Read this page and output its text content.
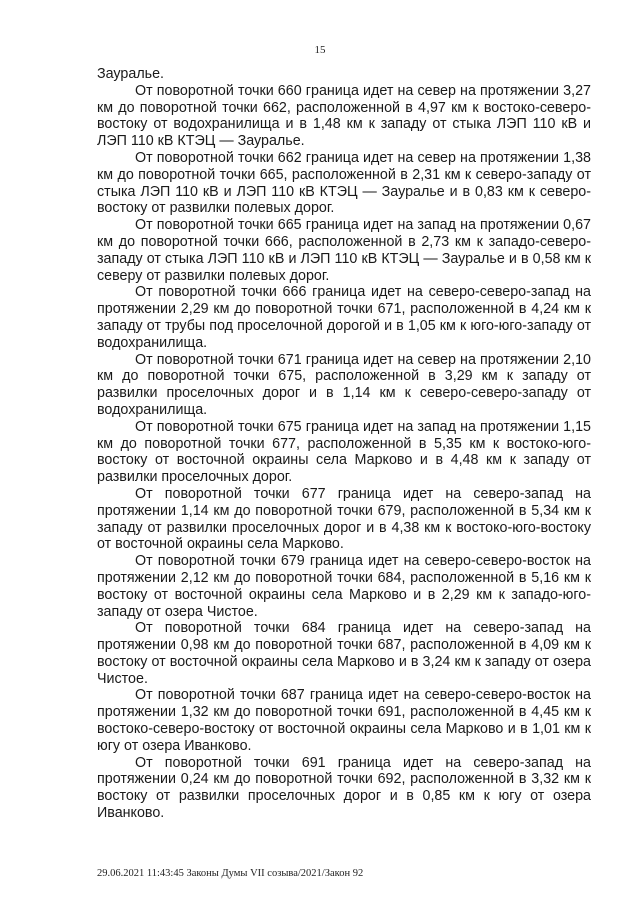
15

Зауралье.

От поворотной точки 660 граница идет на север на протяжении 3,27 км до поворотной точки 662, расположенной в 4,97 км к востоко-северо-востоку от водохранилища и в 1,48 км к западу от стыка ЛЭП 110 кВ и ЛЭП 110 кВ КТЭЦ — Зауралье.

От поворотной точки 662 граница идет на север на протяжении 1,38 км до поворотной точки 665, расположенной в 2,31 км к северо-западу от стыка ЛЭП 110 кВ и ЛЭП 110 кВ КТЭЦ — Зауралье и в 0,83 км к северо-востоку от развилки полевых дорог.

От поворотной точки 665 граница идет на запад на протяжении 0,67 км до поворотной точки 666, расположенной в 2,73 км к западо-северо-западу от стыка ЛЭП 110 кВ и ЛЭП 110 кВ КТЭЦ — Зауралье и в 0,58 км к северу от развилки полевых дорог.

От поворотной точки 666 граница идет на северо-северо-запад на протяжении 2,29 км до поворотной точки 671, расположенной в 4,24 км к западу от трубы под проселочной дорогой и в 1,05 км к юго-юго-западу от водохранилища.

От поворотной точки 671 граница идет на север на протяжении 2,10 км до поворотной точки 675, расположенной в 3,29 км к западу от развилки проселочных дорог и в 1,14 км к северо-северо-западу от водохранилища.

От поворотной точки 675 граница идет на запад на протяжении 1,15 км до поворотной точки 677, расположенной в 5,35 км к востоко-юго-востоку от восточной окраины села Марково и в 4,48 км к западу от развилки проселочных дорог.

От поворотной точки 677 граница идет на северо-запад на протяжении 1,14 км до поворотной точки 679, расположенной в 5,34 км к западу от развилки проселочных дорог и в 4,38 км к востоко-юго-востоку от восточной окраины села Марково.

От поворотной точки 679 граница идет на северо-северо-восток на протяжении 2,12 км до поворотной точки 684, расположенной в 5,16 км к востоку от восточной окраины села Марково и в 2,29 км к западо-юго-западу от озера Чистое.

От поворотной точки 684 граница идет на северо-запад на протяжении 0,98 км до поворотной точки 687, расположенной в 4,09 км к востоку от восточной окраины села Марково и в 3,24 км к западу от озера Чистое.

От поворотной точки 687 граница идет на северо-северо-восток на протяжении 1,32 км до поворотной точки 691, расположенной в 4,45 км к востоко-северо-востоку от восточной окраины села Марково и в 1,01 км к югу от озера Иванково.

От поворотной точки 691 граница идет на северо-запад на протяжении 0,24 км до поворотной точки 692, расположенной в 3,32 км к востоку от развилки проселочных дорог и в 0,85 км к югу от озера Иванково.

29.06.2021 11:43:45 Законы Думы VII созыва/2021/Закон 92
